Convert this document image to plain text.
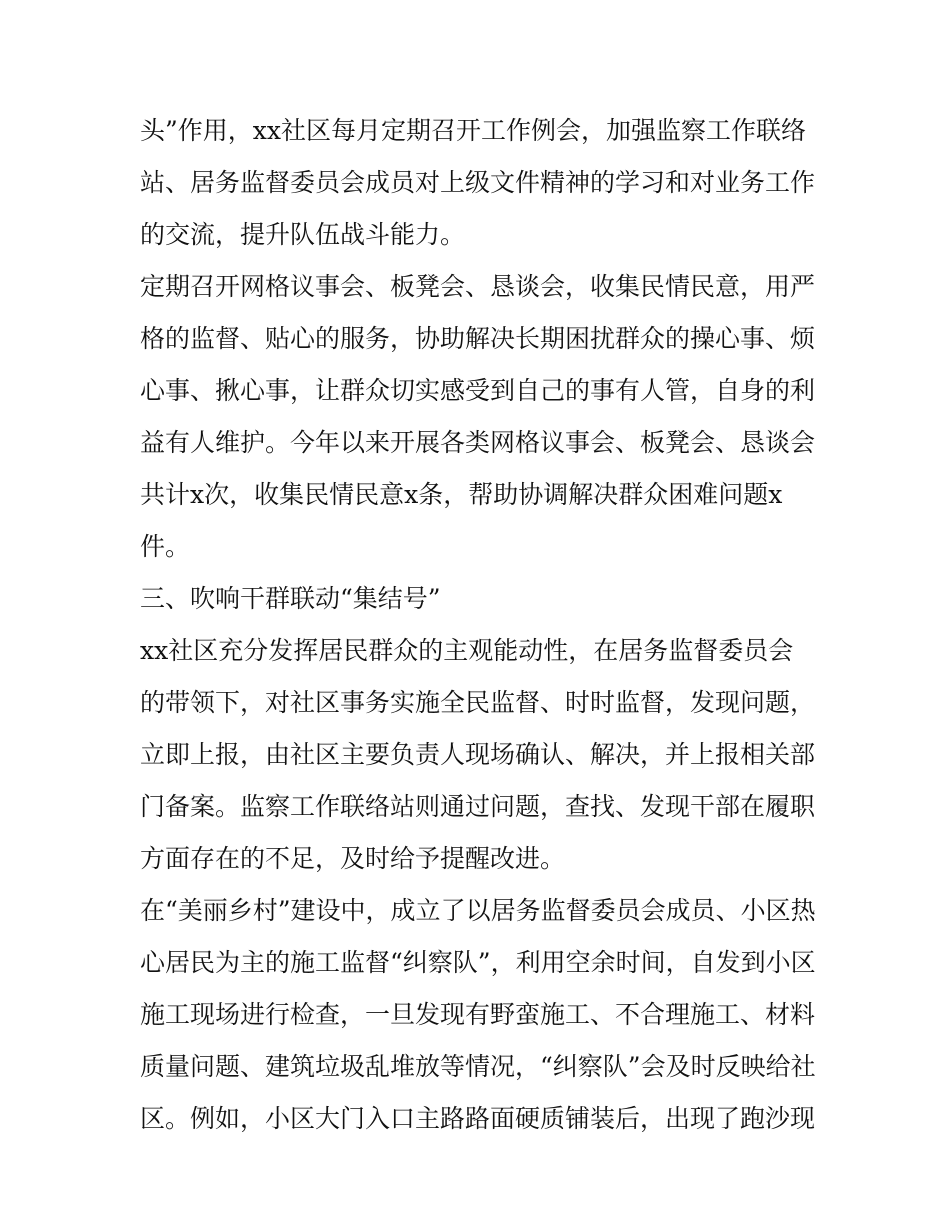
头”作用，xx社区每月定期召开工作例会，加强监察工作联络
站、居务监督委员会成员对上级文件精神的学习和对业务工作
的交流，提升队伍战斗能力。
定期召开网格议事会、板凳会、恳谈会，收集民情民意，用严
格的监督、贴心的服务，协助解决长期困扰群众的操心事、烦
心事、揪心事，让群众切实感受到自己的事有人管，自身的利
益有人维护。今年以来开展各类网格议事会、板凳会、恳谈会
共计x次，收集民情民意x条，帮助协调解决群众困难问题x
件。
三、吹响干群联动“集结号”
xx社区充分发挥居民群众的主观能动性，在居务监督委员会
的带领下，对社区事务实施全民监督、时时监督，发现问题，
立即上报，由社区主要负责人现场确认、解决，并上报相关部
门备案。监察工作联络站则通过问题，查找、发现干部在履职
方面存在的不足，及时给予提醒改进。
在“美丽乡村”建设中，成立了以居务监督委员会成员、小区热
心居民为主的施工监督“纠察队”，利用空余时间，自发到小区
施工现场进行检查，一旦发现有野蛮施工、不合理施工、材料
质量问题、建筑垃圾乱堆放等情况，“纠察队”会及时反映给社
区。例如，小区大门入口主路路面硬质铺装后，出现了跑沙现
